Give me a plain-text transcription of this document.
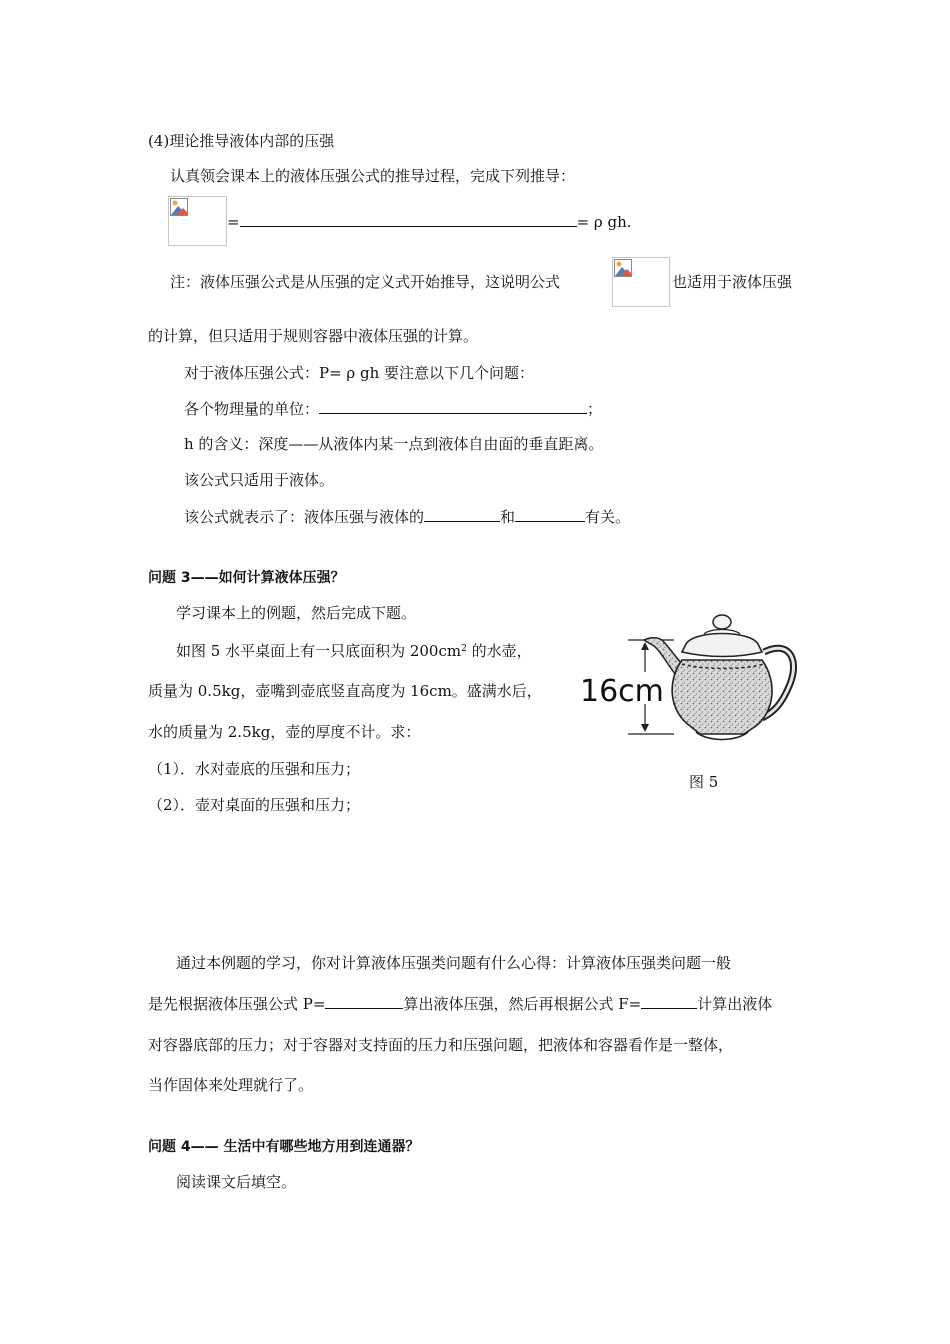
(4)理论推导液体内部的压强
认真领会课本上的液体压强公式的推导过程，完成下列推导：
=	= ρ gh.
注：液体压强公式是从压强的定义式开始推导，这说明公式	也适用于液体压强
的计算，但只适用于规则容器中液体压强的计算。
对于液体压强公式：P= ρ gh 要注意以下几个问题：
各个物理量的单位：	；
h 的含义：深度——从液体内某一点到液体自由面的垂直距离。
该公式只适用于液体。
该公式就表示了：液体压强与液体的	和	有关。
问题 3——如何计算液体压强？
学习课本上的例题，然后完成下题。
如图 5 水平桌面上有一只底面积为 $200cm^2$ 的水壶，
质量为 0.5kg，壶嘴到壶底竖直高度为 16cm。盛满水后，
水的质量为 2.5kg，壶的厚度不计。求：
（1）．水对壶底的压强和压力；
（2）．壶对桌面的压强和压力；
16cm
图 5
通过本例题的学习，你对计算液体压强类问题有什么心得：计算液体压强类问题一般
是先根据液体压强公式 P=	算出液体压强，然后再根据公式 F=	计算出液体
对容器底部的压力；对于容器对支持面的压力和压强问题，把液体和容器看作是一整体，
当作固体来处理就行了。
问题 4—— 生活中有哪些地方用到连通器？
阅读课文后填空。
